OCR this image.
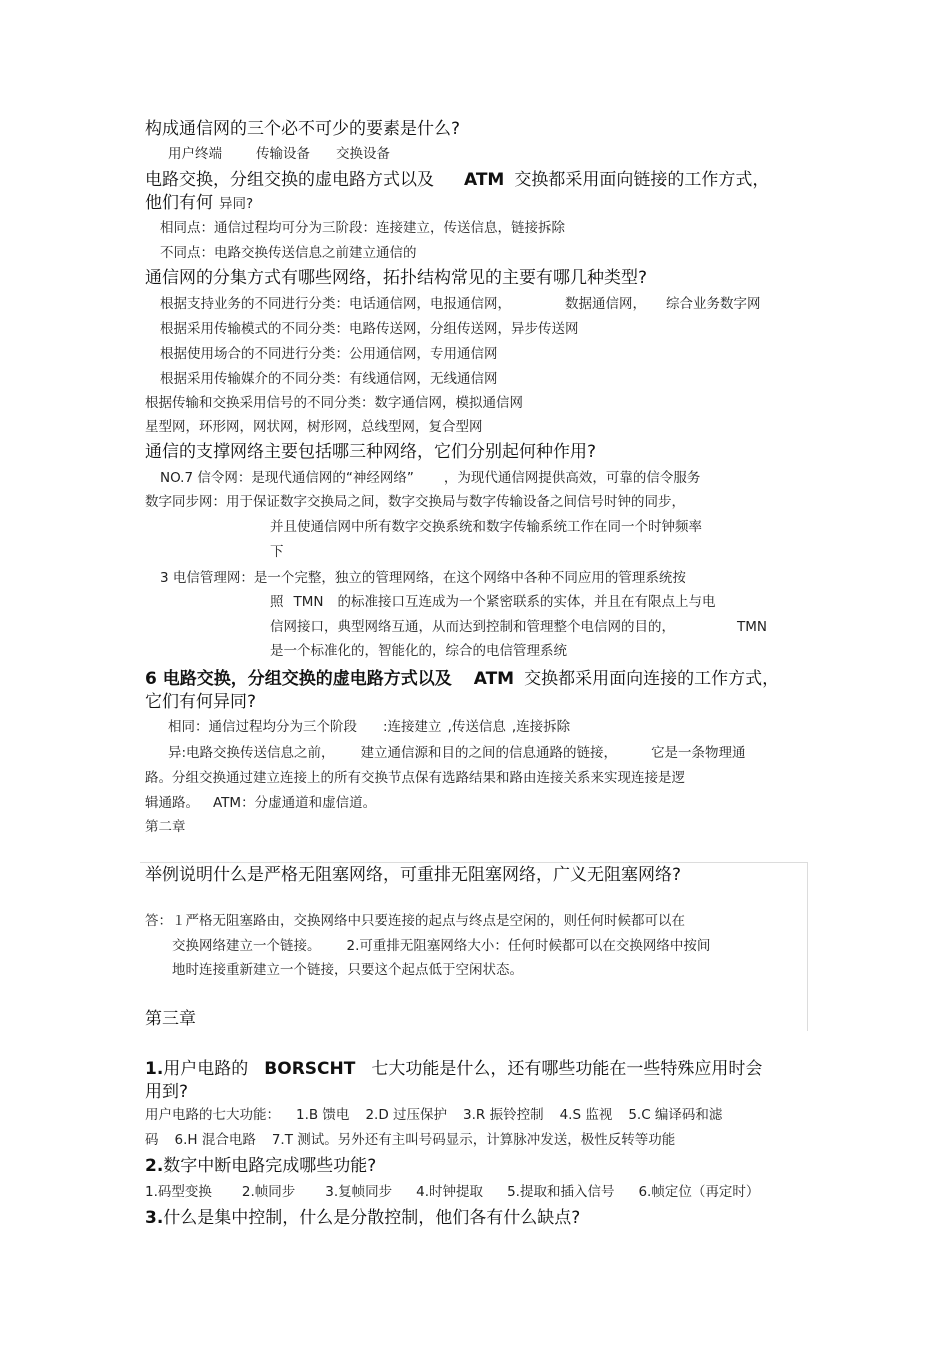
构成通信网的三个必不可少的要素是什么?
用户终端	传输设备 交换设备
电路交换，分组交换的虚电路方式以及 ATM 交换都采用面向链接的工作方式，
他们有何 异同?
相同点：通信过程均可分为三阶段：连接建立，传送信息，链接拆除
不同点：电路交换传送信息之前建立通信的
通信网的分集方式有哪些网络，拓扑结构常见的主要有哪几种类型?
根据支持业务的不同进行分类：电话通信网，电报通信网，	数据通信网， 综合业务数字网
根据采用传输模式的不同分类：电路传送网，分组传送网，异步传送网
根据使用场合的不同进行分类：公用通信网，专用通信网
根据采用传输媒介的不同分类：有线通信网，无线通信网
根据传输和交换采用信号的不同分类：数字通信网，模拟通信网
星型网，环形网，网状网，树形网，总线型网，复合型网
通信的支撑网络主要包括哪三种网络，它们分别起何种作用?
NO.7 信令网：是现代通信网的“神经网络” ，为现代通信网提供高效，可靠的信令服务
数字同步网：用于保证数字交换局之间，数字交换局与数字传输设备之间信号时钟的同步，
并且使通信网中所有数字交换系统和数字传输系统工作在同一个时钟频率
下
3 电信管理网：是一个完整，独立的管理网络，在这个网络中各种不同应用的管理系统按
照 TMN 的标准接口互连成为一个紧密联系的实体，并且在有限点上与电
信网接口，典型网络互通，从而达到控制和管理整个电信网的目的，	TMN
是一个标准化的，智能化的，综合的电信管理系统
6 电路交换，分组交换的虚电路方式以及 ATM 交换都采用面向连接的工作方式，
它们有何异同?
相同：通信过程均分为三个阶段 :连接建立 ,传送信息 ,连接拆除
异:电路交换传送信息之前， 建立通信源和目的之间的信息通路的链接，	它是一条物理通
路。分组交换通过建立连接上的所有交换节点保有选路结果和路由连接关系来实现连接是逻
辑通路。 ATM：分虚通道和虚信道。
第二章
举例说明什么是严格无阻塞网络，可重排无阻塞网络，广义无阻塞网络?
答：１严格无阻塞路由，交换网络中只要连接的起点与终点是空闲的，则任何时候都可以在
交换网络建立一个链接。 2.可重排无阻塞网络大小：任何时候都可以在交换网络中按间
地时连接重新建立一个链接，只要这个起点低于空闲状态。
第三章
1.用户电路的 BORSCHT 七大功能是什么，还有哪些功能在一些特殊应用时会
用到?
用户电路的七大功能： 1.B 馈电 2.D 过压保护 3.R 振铃控制 4.S 监视 5.C 编译码和滤
码 6.H 混合电路 7.T 测试。另外还有主叫号码显示，计算脉冲发送，极性反转等功能
2.数字中断电路完成哪些功能?
1.码型变换 2.帧同步 3.复帧同步 4.时钟提取 5.提取和插入信号 6.帧定位（再定时）
3.什么是集中控制，什么是分散控制，他们各有什么缺点?
